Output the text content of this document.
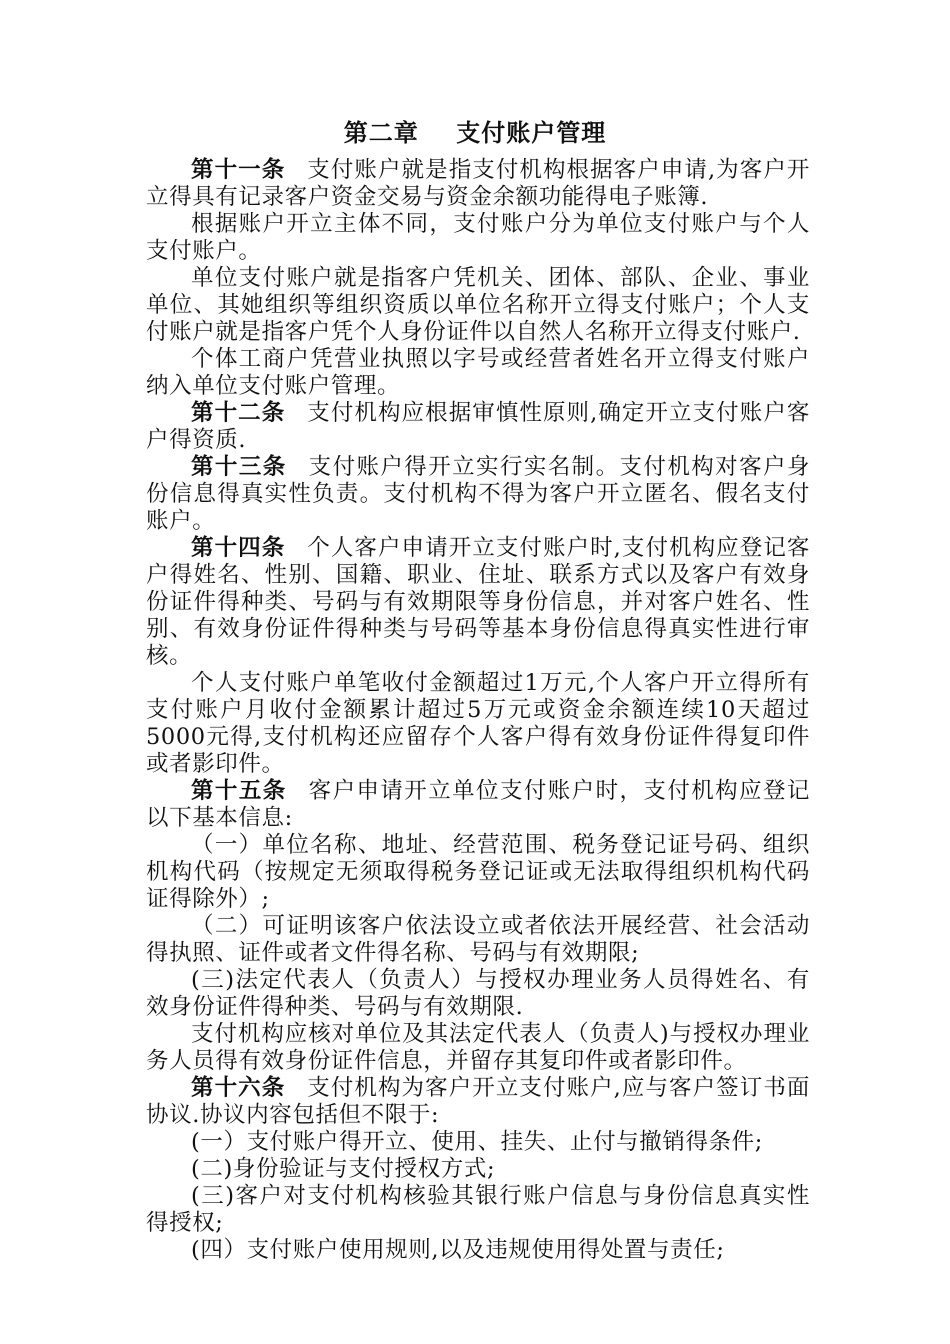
第二章    支付账户管理

第十一条 支付账户就是指支付机构根据客户申请,为客户开立得具有记录客户资金交易与资金余额功能得电子账簿.

根据账户开立主体不同，支付账户分为单位支付账户与个人支付账户。

单位支付账户就是指客户凭机关、团体、部队、企业、事业单位、其她组织等组织资质以单位名称开立得支付账户；个人支付账户就是指客户凭个人身份证件以自然人名称开立得支付账户.

个体工商户凭营业执照以字号或经营者姓名开立得支付账户纳入单位支付账户管理。

第十二条 支付机构应根据审慎性原则,确定开立支付账户客户得资质.

第十三条 支付账户得开立实行实名制。支付机构对客户身份信息得真实性负责。支付机构不得为客户开立匿名、假名支付账户。

第十四条 个人客户申请开立支付账户时,支付机构应登记客户得姓名、性别、国籍、职业、住址、联系方式以及客户有效身份证件得种类、号码与有效期限等身份信息，并对客户姓名、性别、有效身份证件得种类与号码等基本身份信息得真实性进行审核。

个人支付账户单笔收付金额超过1万元,个人客户开立得所有支付账户月收付金额累计超过5万元或资金余额连续10天超过5000元得,支付机构还应留存个人客户得有效身份证件得复印件或者影印件。

第十五条 客户申请开立单位支付账户时，支付机构应登记以下基本信息:

（一）单位名称、地址、经营范围、税务登记证号码、组织机构代码（按规定无须取得税务登记证或无法取得组织机构代码证得除外）;

（二）可证明该客户依法设立或者依法开展经营、社会活动得执照、证件或者文件得名称、号码与有效期限;

(三)法定代表人（负责人）与授权办理业务人员得姓名、有效身份证件得种类、号码与有效期限.

支付机构应核对单位及其法定代表人（负责人)与授权办理业务人员得有效身份证件信息，并留存其复印件或者影印件。

第十六条 支付机构为客户开立支付账户,应与客户签订书面协议.协议内容包括但不限于:

(一）支付账户得开立、使用、挂失、止付与撤销得条件;

(二)身份验证与支付授权方式;

(三)客户对支付机构核验其银行账户信息与身份信息真实性得授权;

(四）支付账户使用规则,以及违规使用得处置与责任;
